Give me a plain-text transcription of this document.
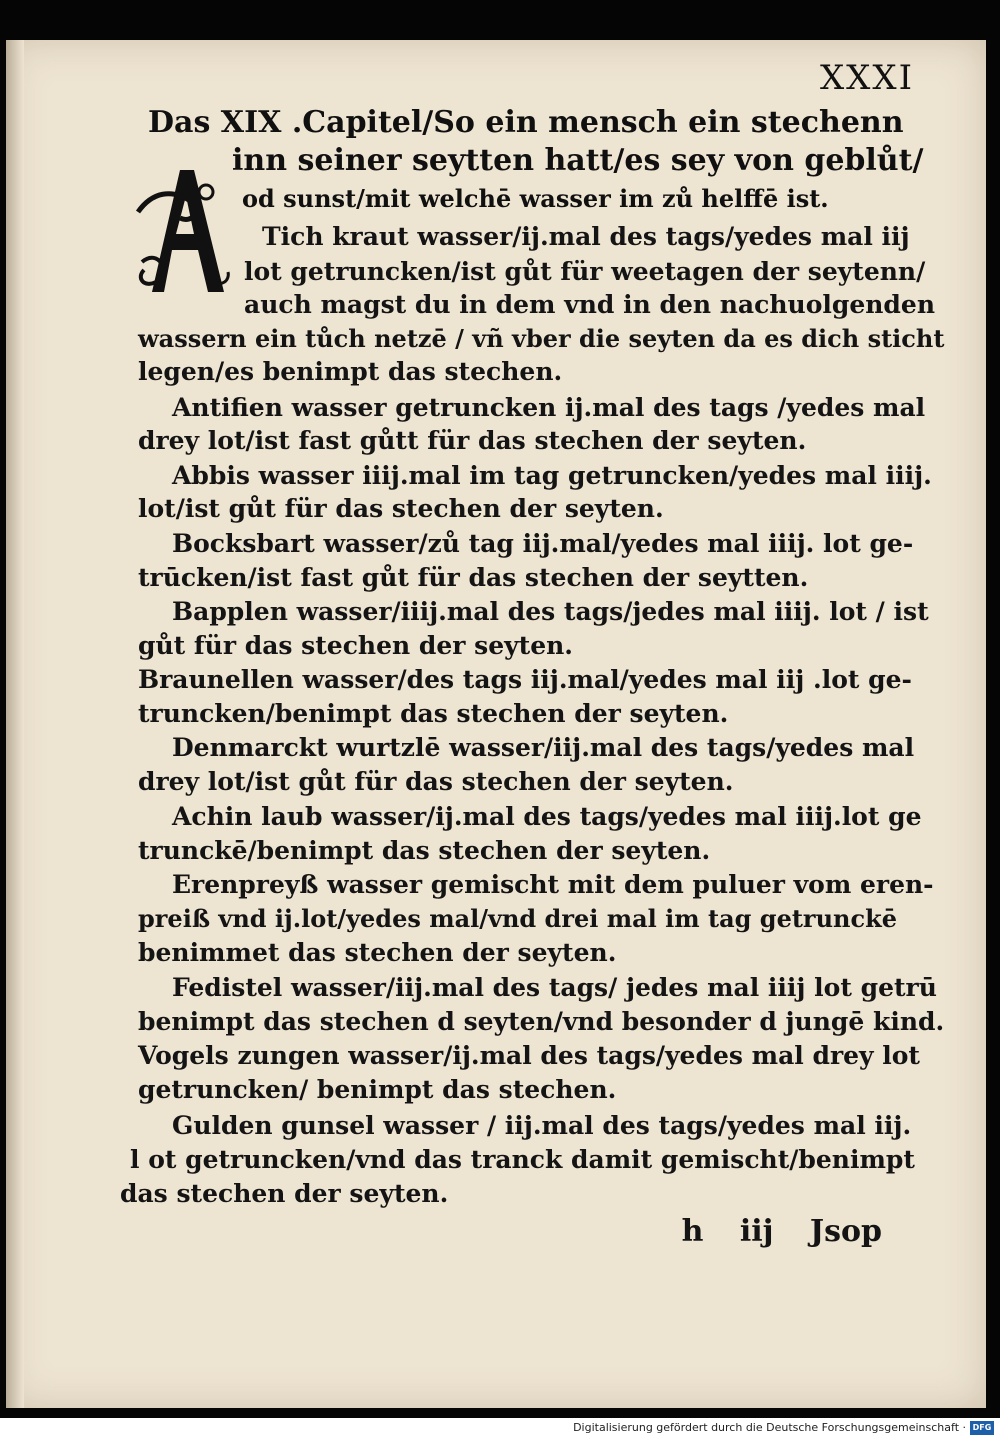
XXXI
Das XIX .Capitel/So ein mensch ein stechenn
inn seiner seytten hatt/es sey von geblůt/
od sunst/mit welchē wasser im zů helffē ist.
Tich kraut wasser/ij.mal des tags/yedes mal iij
lot getruncken/ist gůt für weetagen der seytenn/
auch magst du in dem vnd in den nachuolgenden
wassern ein tůch netzē / vñ vber die seyten da es dich sticht
legen/es benimpt das stechen.
Antifien wasser getruncken ij.mal des tags /yedes mal
drey lot/ist fast gůtt für das stechen der seyten.
Abbis wasser iiij.mal im tag getruncken/yedes mal iiij.
lot/ist gůt für das stechen der seyten.
Bocksbart wasser/zů tag iij.mal/yedes mal iiij. lot ge-
trūcken/ist fast gůt für das stechen der seytten.
Bapplen wasser/iiij.mal des tags/jedes mal iiij. lot / ist
gůt für das stechen der seyten.
Braunellen wasser/des tags iij.mal/yedes mal iij .lot ge-
truncken/benimpt das stechen der seyten.
Denmarckt wurtzlē wasser/iij.mal des tags/yedes mal
drey lot/ist gůt für das stechen der seyten.
Achin laub wasser/ij.mal des tags/yedes mal iiij.lot ge
trunckē/benimpt das stechen der seyten.
Erenpreyß wasser gemischt mit dem puluer vom eren-
preiß vnd ij.lot/yedes mal/vnd drei mal im tag getrunckē
benimmet das stechen der seyten.
Fedistel wasser/iij.mal des tags/ jedes mal iiij lot getrū
benimpt das stechen d seyten/vnd besonder d jungē kind.
Vogels zungen wasser/ij.mal des tags/yedes mal drey lot
getruncken/ benimpt das stechen.
Gulden gunsel wasser / iij.mal des tags/yedes mal iij.
l ot getruncken/vnd das tranck damit gemischt/benimpt
das stechen der seyten.
h iij Jsop
Digitalisierung gefördert durch die Deutsche Forschungsgemeinschaft · DFG
